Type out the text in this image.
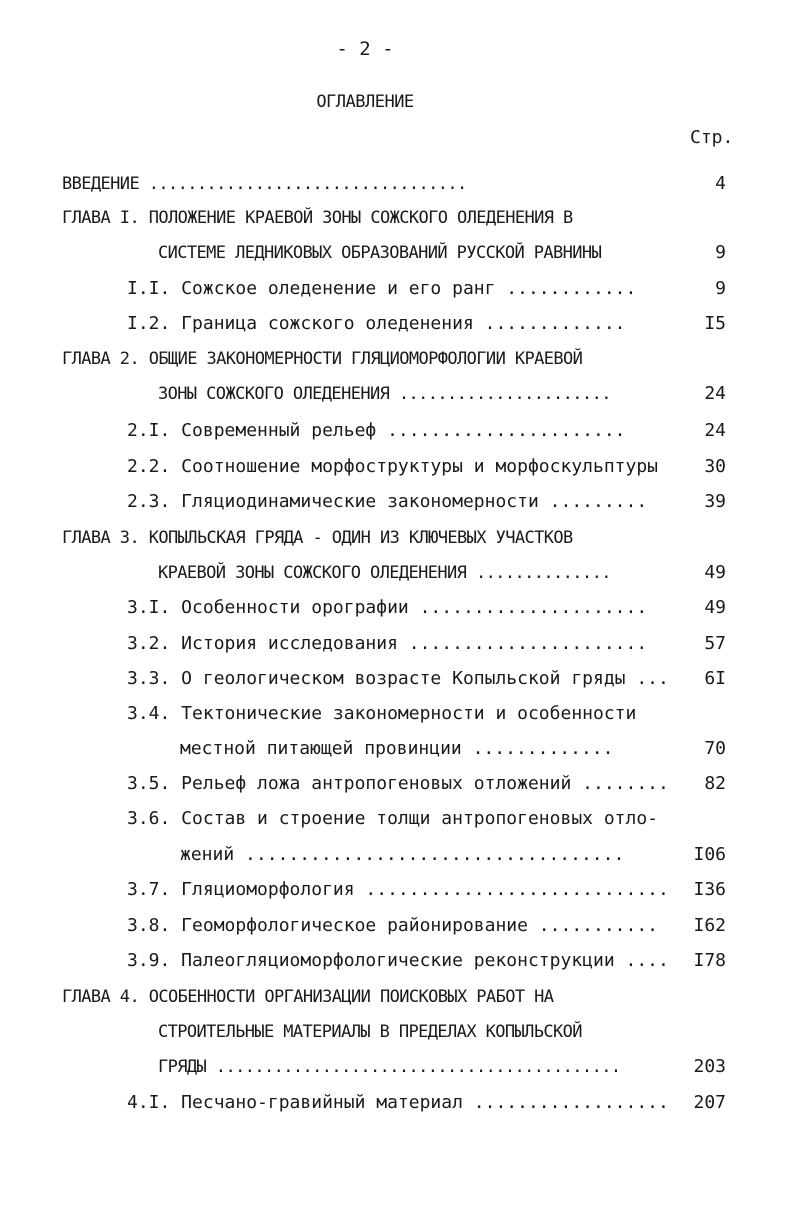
- 2 -
ОГЛАВЛЕНИЕ
Стр.
ВВЕДЕНИЕ .................................	4
ГЛАВА I. ПОЛОЖЕНИЕ КРАЕВОЙ ЗОНЫ СОЖСКОГО ОЛЕДЕНЕНИЯ В
СИСТЕМЕ ЛЕДНИКОВЫХ ОБРАЗОВАНИЙ РУССКОЙ РАВНИНЫ	9
I.I. Сожское оледенение и его ранг ............	9
I.2. Граница сожского оледенения .............	I5
ГЛАВА 2. ОБЩИЕ ЗАКОНОМЕРНОСТИ ГЛЯЦИОМОРФОЛОГИИ КРАЕВОЙ
ЗОНЫ СОЖСКОГО ОЛЕДЕНЕНИЯ ......................	24
2.I. Современный рельеф ......................	24
2.2. Соотношение морфоструктуры и морфоскульптуры	30
2.3. Гляциодинамические закономерности .........	39
ГЛАВА 3. КОПЫЛЬСКАЯ ГРЯДА - ОДИН ИЗ КЛЮЧЕВЫХ УЧАСТКОВ
КРАЕВОЙ ЗОНЫ СОЖСКОГО ОЛЕДЕНЕНИЯ ..............	49
3.I. Особенности орографии .....................	49
3.2. История исследования ......................	57
3.3. О геологическом возрасте Копыльской гряды ...	6I
3.4. Тектонические закономерности и особенности
местной питающей провинции .............	70
3.5. Рельеф ложа антропогеновых отложений ........	82
3.6. Состав и строение толщи антропогеновых отло-
жений ...................................	I06
3.7. Гляциоморфология ............................	I36
3.8. Геоморфологическое районирование ...........	I62
3.9. Палеогляциоморфологические реконструкции ....	I78
ГЛАВА 4. ОСОБЕННОСТИ ОРГАНИЗАЦИИ ПОИСКОВЫХ РАБОТ НА
СТРОИТЕЛЬНЫЕ МАТЕРИАЛЫ В ПРЕДЕЛАХ КОПЫЛЬСКОЙ
ГРЯДЫ ..........................................	203
4.I. Песчано-гравийный материал ..................	207
